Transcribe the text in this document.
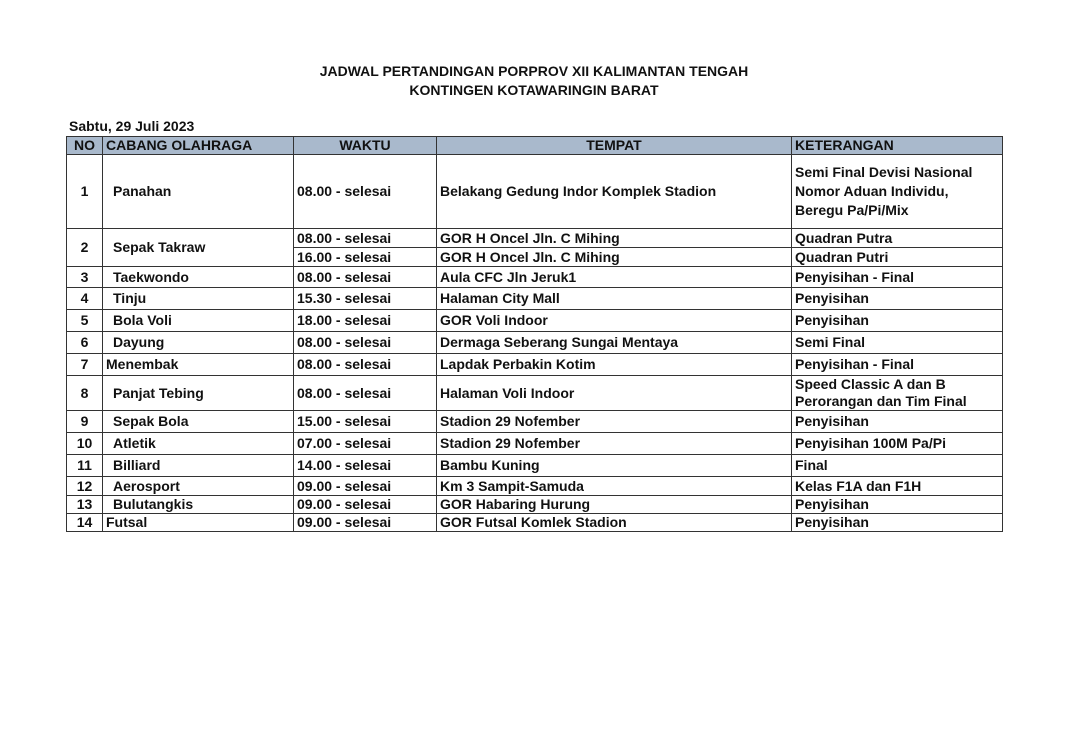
JADWAL PERTANDINGAN PORPROV XII KALIMANTAN TENGAH
KONTINGEN KOTAWARINGIN BARAT
Sabtu, 29 Juli 2023
NO	CABANG OLAHRAGA	WAKTU	TEMPAT	KETERANGAN
1	Panahan	08.00 - selesai	Belakang Gedung Indor Komplek Stadion	Semi Final Devisi Nasional
Nomor Aduan Individu,
Beregu Pa/Pi/Mix

2	Sepak Takraw	08.00 - selesai	GOR H Oncel Jln. C Mihing	Quadran Putra
		16.00 - selesai	GOR H Oncel Jln. C Mihing	Quadran Putri
3	Taekwondo	08.00 - selesai	Aula CFC Jln Jeruk1	Penyisihan - Final
4	Tinju	15.30 - selesai	Halaman City Mall	Penyisihan
5	Bola Voli	18.00 - selesai	GOR Voli Indoor	Penyisihan
6	Dayung	08.00 - selesai	Dermaga Seberang Sungai Mentaya	Semi Final
7	Menembak	08.00 - selesai	Lapdak Perbakin Kotim	Penyisihan - Final
8	Panjat Tebing	08.00 - selesai	Halaman Voli Indoor	Speed Classic A dan B
Perorangan dan Tim Final

9	Sepak Bola	15.00 - selesai	Stadion 29 Nofember	Penyisihan
10	Atletik	07.00 - selesai	Stadion 29 Nofember	Penyisihan 100M Pa/Pi
11	Billiard	14.00 - selesai	Bambu Kuning	Final
12	Aerosport	09.00 - selesai	Km 3 Sampit-Samuda	Kelas F1A dan F1H
13	Bulutangkis	09.00 - selesai	GOR Habaring Hurung	Penyisihan
14	Futsal	09.00 - selesai	GOR Futsal Komlek Stadion	Penyisihan
